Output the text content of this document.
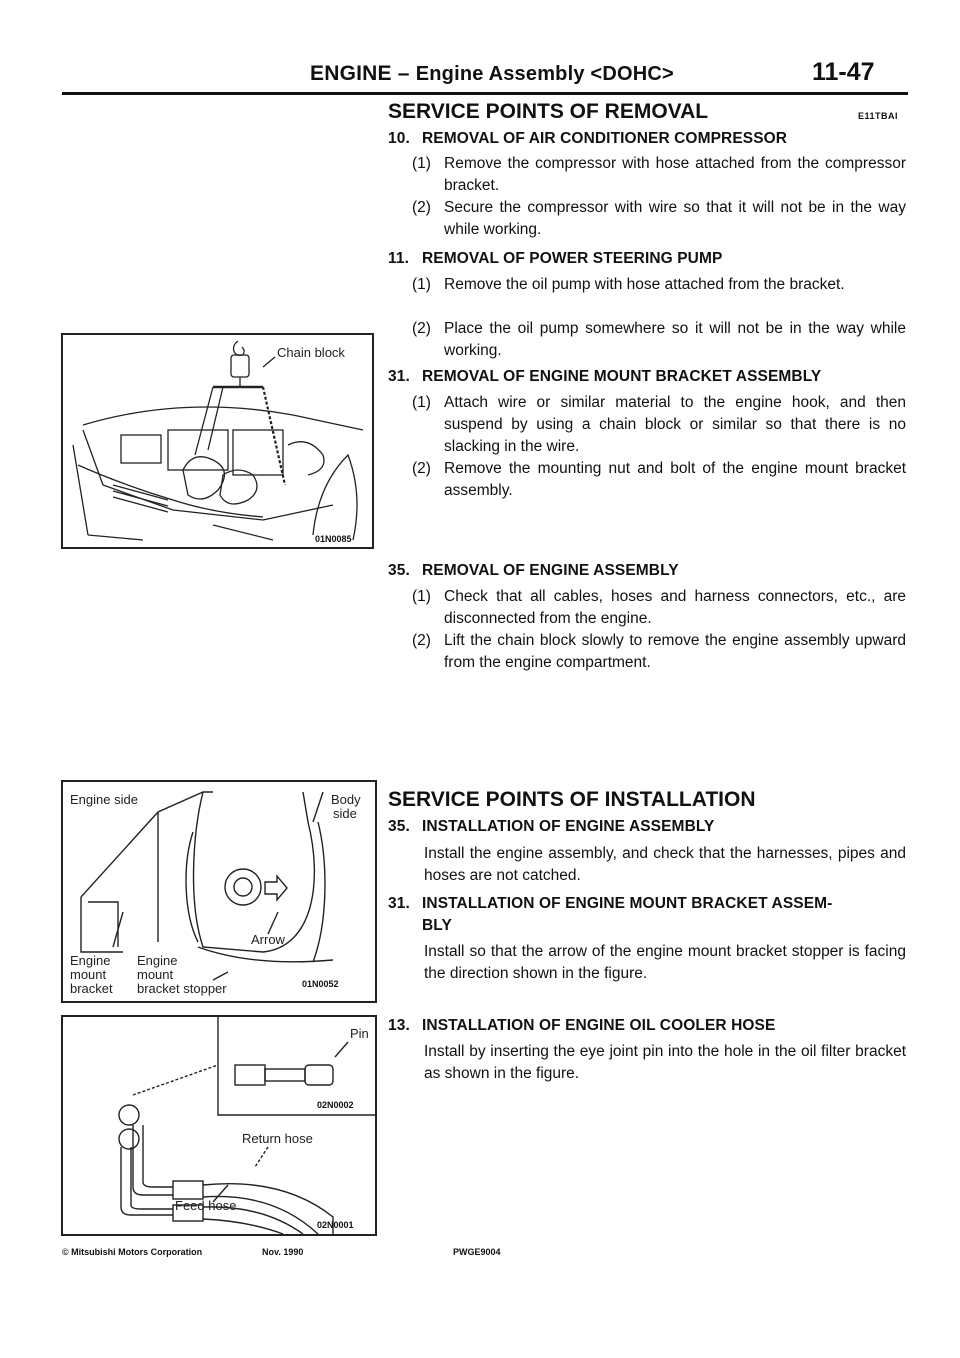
ENGINE – Engine Assembly <DOHC>	11-47
SERVICE POINTS OF REMOVAL	E11TBAI
10. REMOVAL OF AIR CONDITIONER COMPRESSOR
(1) Remove the compressor with hose attached from the compressor bracket.
(2) Secure the compressor with wire so that it will not be in the way while working.
11. REMOVAL OF POWER STEERING PUMP
(1) Remove the oil pump with hose attached from the bracket.
(2) Place the oil pump somewhere so it will not be in the way while working.
31. REMOVAL OF ENGINE MOUNT BRACKET ASSEMBLY
(1) Attach wire or similar material to the engine hook, and then suspend by using a chain block or similar so that there is no slacking in the wire.
(2) Remove the mounting nut and bolt of the engine mount bracket assembly.
35. REMOVAL OF ENGINE ASSEMBLY
(1) Check that all cables, hoses and harness connectors, etc., are disconnected from the engine.
(2) Lift the chain block slowly to remove the engine assembly upward from the engine compartment.
SERVICE POINTS OF INSTALLATION
35. INSTALLATION OF ENGINE ASSEMBLY
Install the engine assembly, and check that the harnesses, pipes and hoses are not catched.
31. INSTALLATION OF ENGINE MOUNT BRACKET ASSEM-
BLY
Install so that the arrow of the engine mount bracket stopper is facing the direction shown in the figure.
13. INSTALLATION OF ENGINE OIL COOLER HOSE
Install by inserting the eye joint pin into the hole in the oil filter bracket as shown in the figure.
Chain block
01N0085
Engine side	Body
side
Arrow
Engine
mount
bracket
Engine
mount
bracket stopper	01N0052
Pin
02N0002
Return hose
Feed hose
02N0001
© Mitsubishi Motors Corporation	Nov. 1990	PWGE9004
